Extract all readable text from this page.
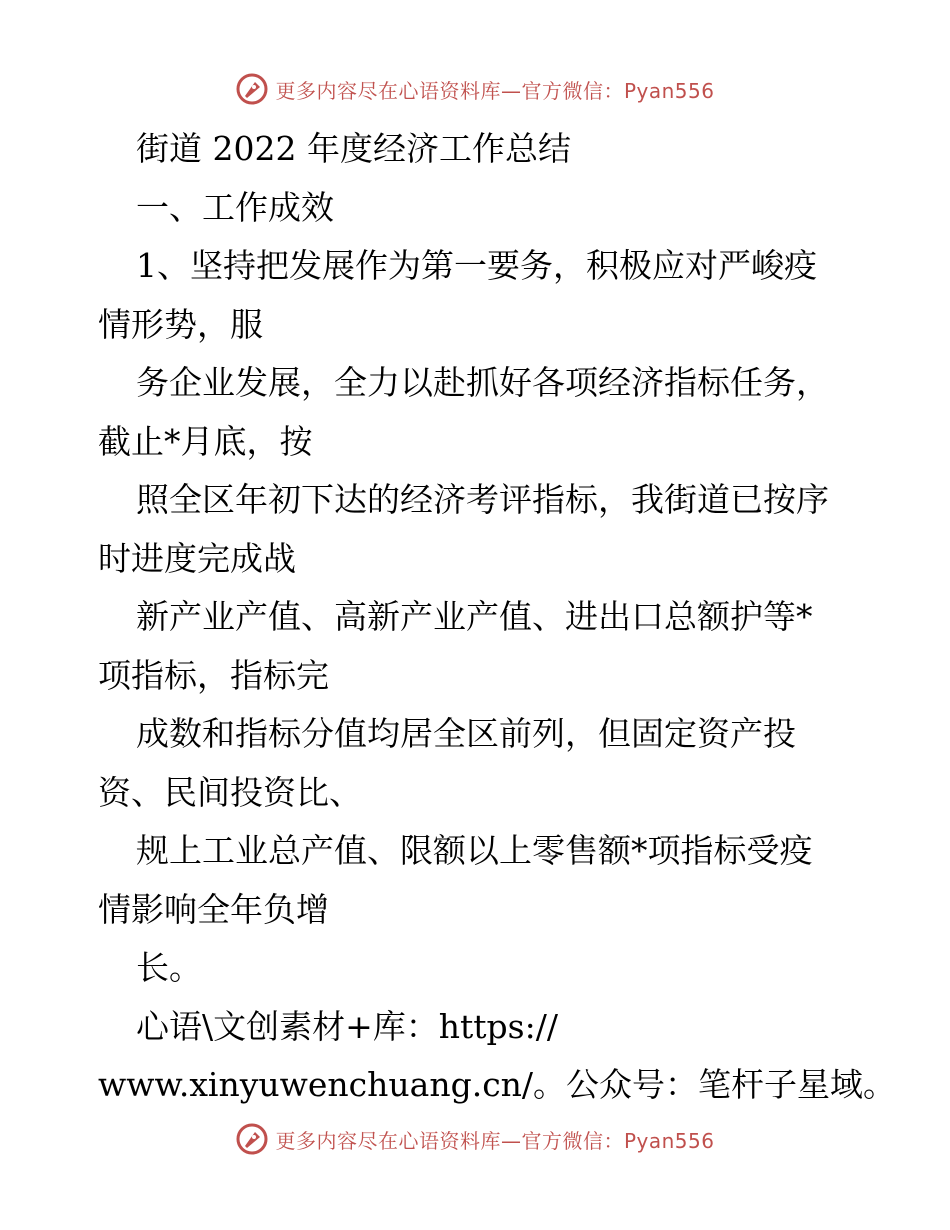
更多内容尽在心语资料库—官方微信：Pyan556

街道 2022 年度经济工作总结

一、工作成效

1、坚持把发展作为第一要务，积极应对严峻疫

情形势，服

务企业发展，全力以赴抓好各项经济指标任务，

截止*月底，按

照全区年初下达的经济考评指标，我街道已按序

时进度完成战

新产业产值、高新产业产值、进出口总额护等*

项指标，指标完

成数和指标分值均居全区前列，但固定资产投

资、民间投资比、

规上工业总产值、限额以上零售额*项指标受疫

情影响全年负增

长。

心语\文创素材+库：https://

www.xinyuwenchuang.cn/。公众号：笔杆子星域。

更多内容尽在心语资料库—官方微信：Pyan556
